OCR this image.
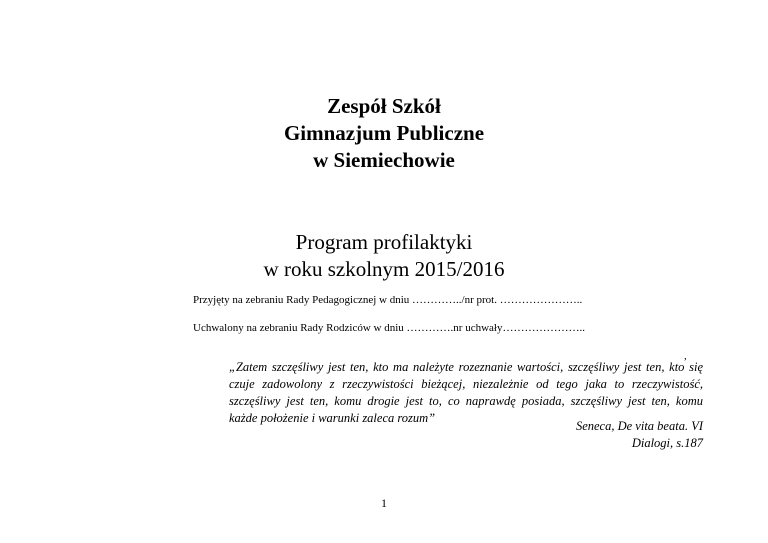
Zespół Szkół
Gimnazjum Publiczne
w Siemiechowie
Program profilaktyki
w roku szkolnym 2015/2016
Przyjęty na zebraniu Rady Pedagogicznej w dniu …………../nr prot. …………………..
Uchwalony na zebraniu Rady Rodziców w dniu ………….nr uchwały…………………..
,
„Zatem szczęśliwy jest ten, kto ma należyte rozeznanie wartości, szczęśliwy jest ten, kto się
czuje zadowolony z rzeczywistości bieżącej, niezależnie od tego jaka to rzeczywistość,
szczęśliwy jest ten, komu drogie jest to, co naprawdę posiada, szczęśliwy jest ten, komu
każde położenie i warunki zaleca rozum”
Seneca, De vita beata. VI
Dialogi, s.187
1
